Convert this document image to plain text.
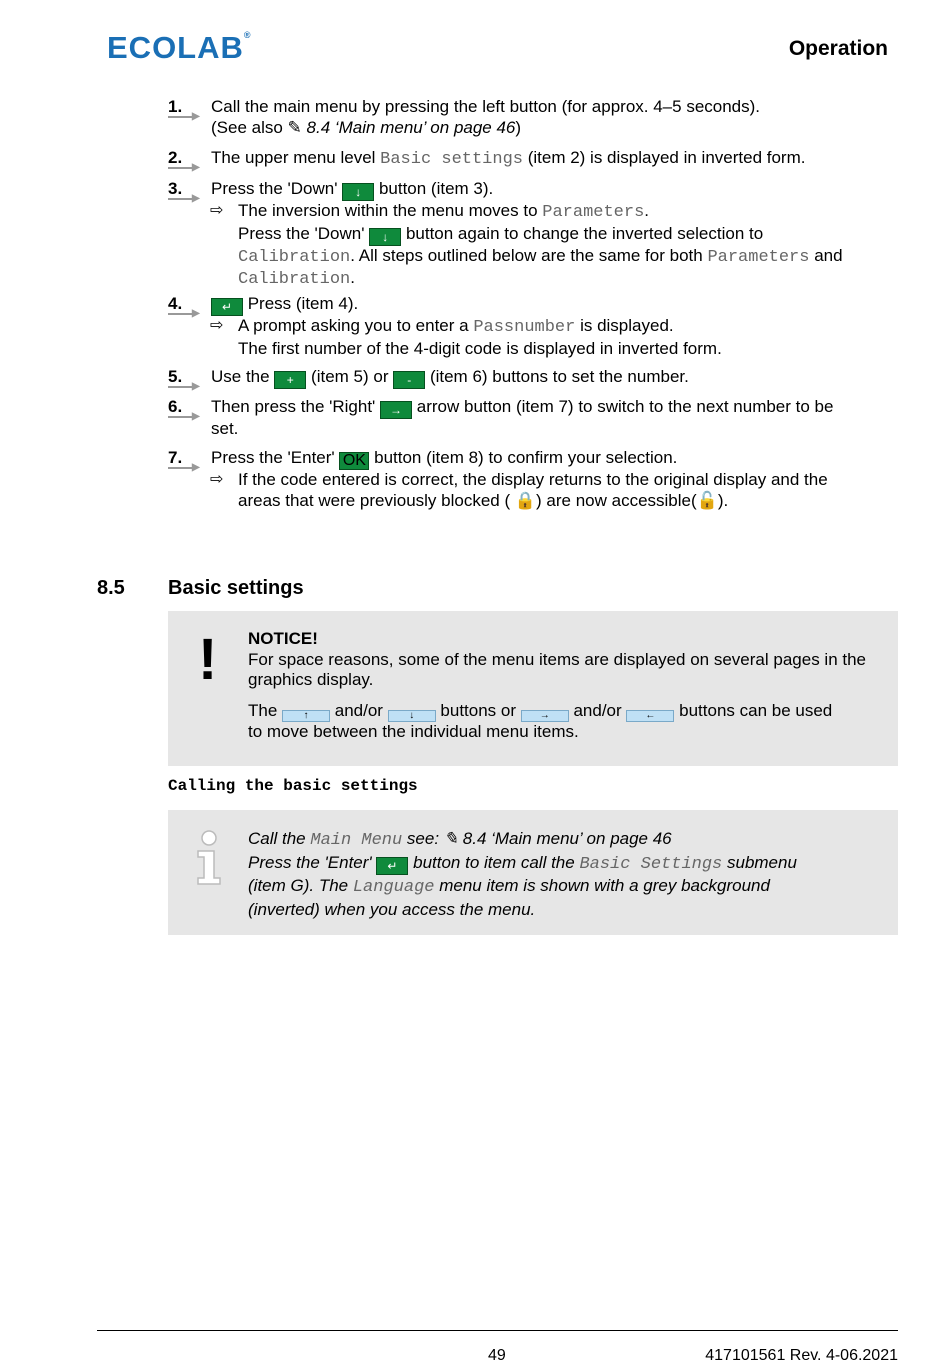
ECOLAB®
Operation
1.
▶
Call the main menu by pressing the left button (for approx. 4–5 seconds).
(See also ✎ 8.4 ‘Main menu’ on page 46)
2.
▶
The upper menu level Basic settings (item 2) is displayed in inverted form.
3.
▶
Press the 'Down' ↓ button (item 3).
⇨ The inversion within the menu moves to Parameters.
Press the 'Down' ↓ button again to change the inverted selection to
Calibration. All steps outlined below are the same for both Parameters and
Calibration.
4.
▶	↵ Press (item 4).
⇨ A prompt asking you to enter a Passnumber is displayed.
The first number of the 4-digit code is displayed in inverted form.
5.
▶
Use the + (item 5) or - (item 6) buttons to set the number.
6.
▶
Then press the 'Right' → arrow button (item 7) to switch to the next number to be
set.
7.
▶
Press the 'Enter' OK button (item 8) to confirm your selection.
⇨ If the code entered is correct, the display returns to the original display and the
areas that were previously blocked ( 🔒) are now accessible(🔓).
8.5 Basic settings
! NOTICE!
For space reasons, some of the menu items are displayed on several pages in the graphics display.
The ↑ and/or ↓ buttons or → and/or ← buttons can be used
to move between the individual menu items.
Calling the basic settings
Call the Main Menu see: ✎ 8.4 ‘Main menu’ on page 46
Press the 'Enter' ↵ button to item call the Basic Settings submenu
(item G). The Language menu item is shown with a grey background
(inverted) when you access the menu.
49	417101561 Rev. 4-06.2021
